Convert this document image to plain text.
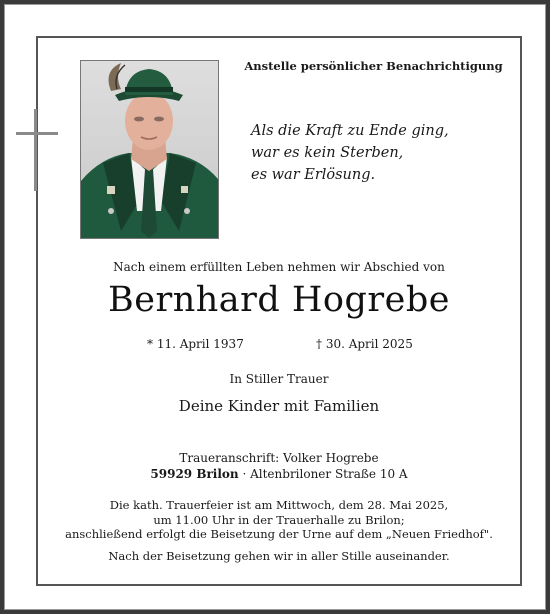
Anstelle persönlicher Benachrichtigung
Als die Kraft zu Ende ging,
war es kein Sterben,
es war Erlösung.
Nach einem erfüllten Leben nehmen wir Abschied von
Bernhard Hogrebe
* 11. April 1937	† 30. April 2025
In Stiller Trauer
Deine Kinder mit Familien
Traueranschrift: Volker Hogrebe
59929 Brilon · Altenbriloner Straße 10 A
Die kath. Trauerfeier ist am Mittwoch, dem 28. Mai 2025,
um 11.00 Uhr in der Trauerhalle zu Brilon;
anschließend erfolgt die Beisetzung der Urne auf dem „Neuen Friedhof".
Nach der Beisetzung gehen wir in aller Stille auseinander.
